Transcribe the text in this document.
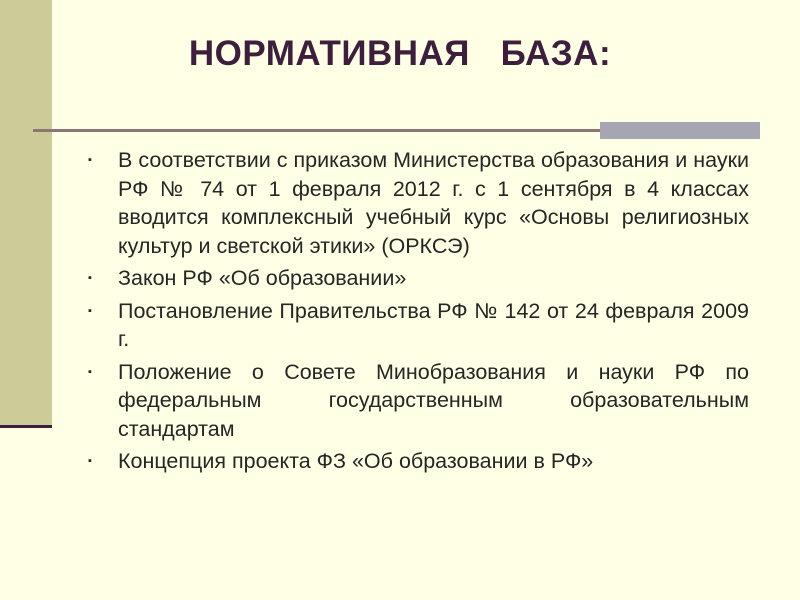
НОРМАТИВНАЯ   БАЗА:
▪ В соответствии с приказом Министерства образования и науки РФ № 74 от 1 февраля 2012 г. с 1 сентября в 4 классах вводится комплексный учебный курс «Основы религиозных культур и светской этики» (ОРКСЭ)
▪ Закон РФ «Об образовании»
▪ Постановление Правительства РФ № 142 от 24 февраля 2009 г.
▪ Положение о Совете Минобразования и науки РФ по федеральным государственным образовательным стандартам
▪ Концепция проекта ФЗ «Об образовании в РФ»
